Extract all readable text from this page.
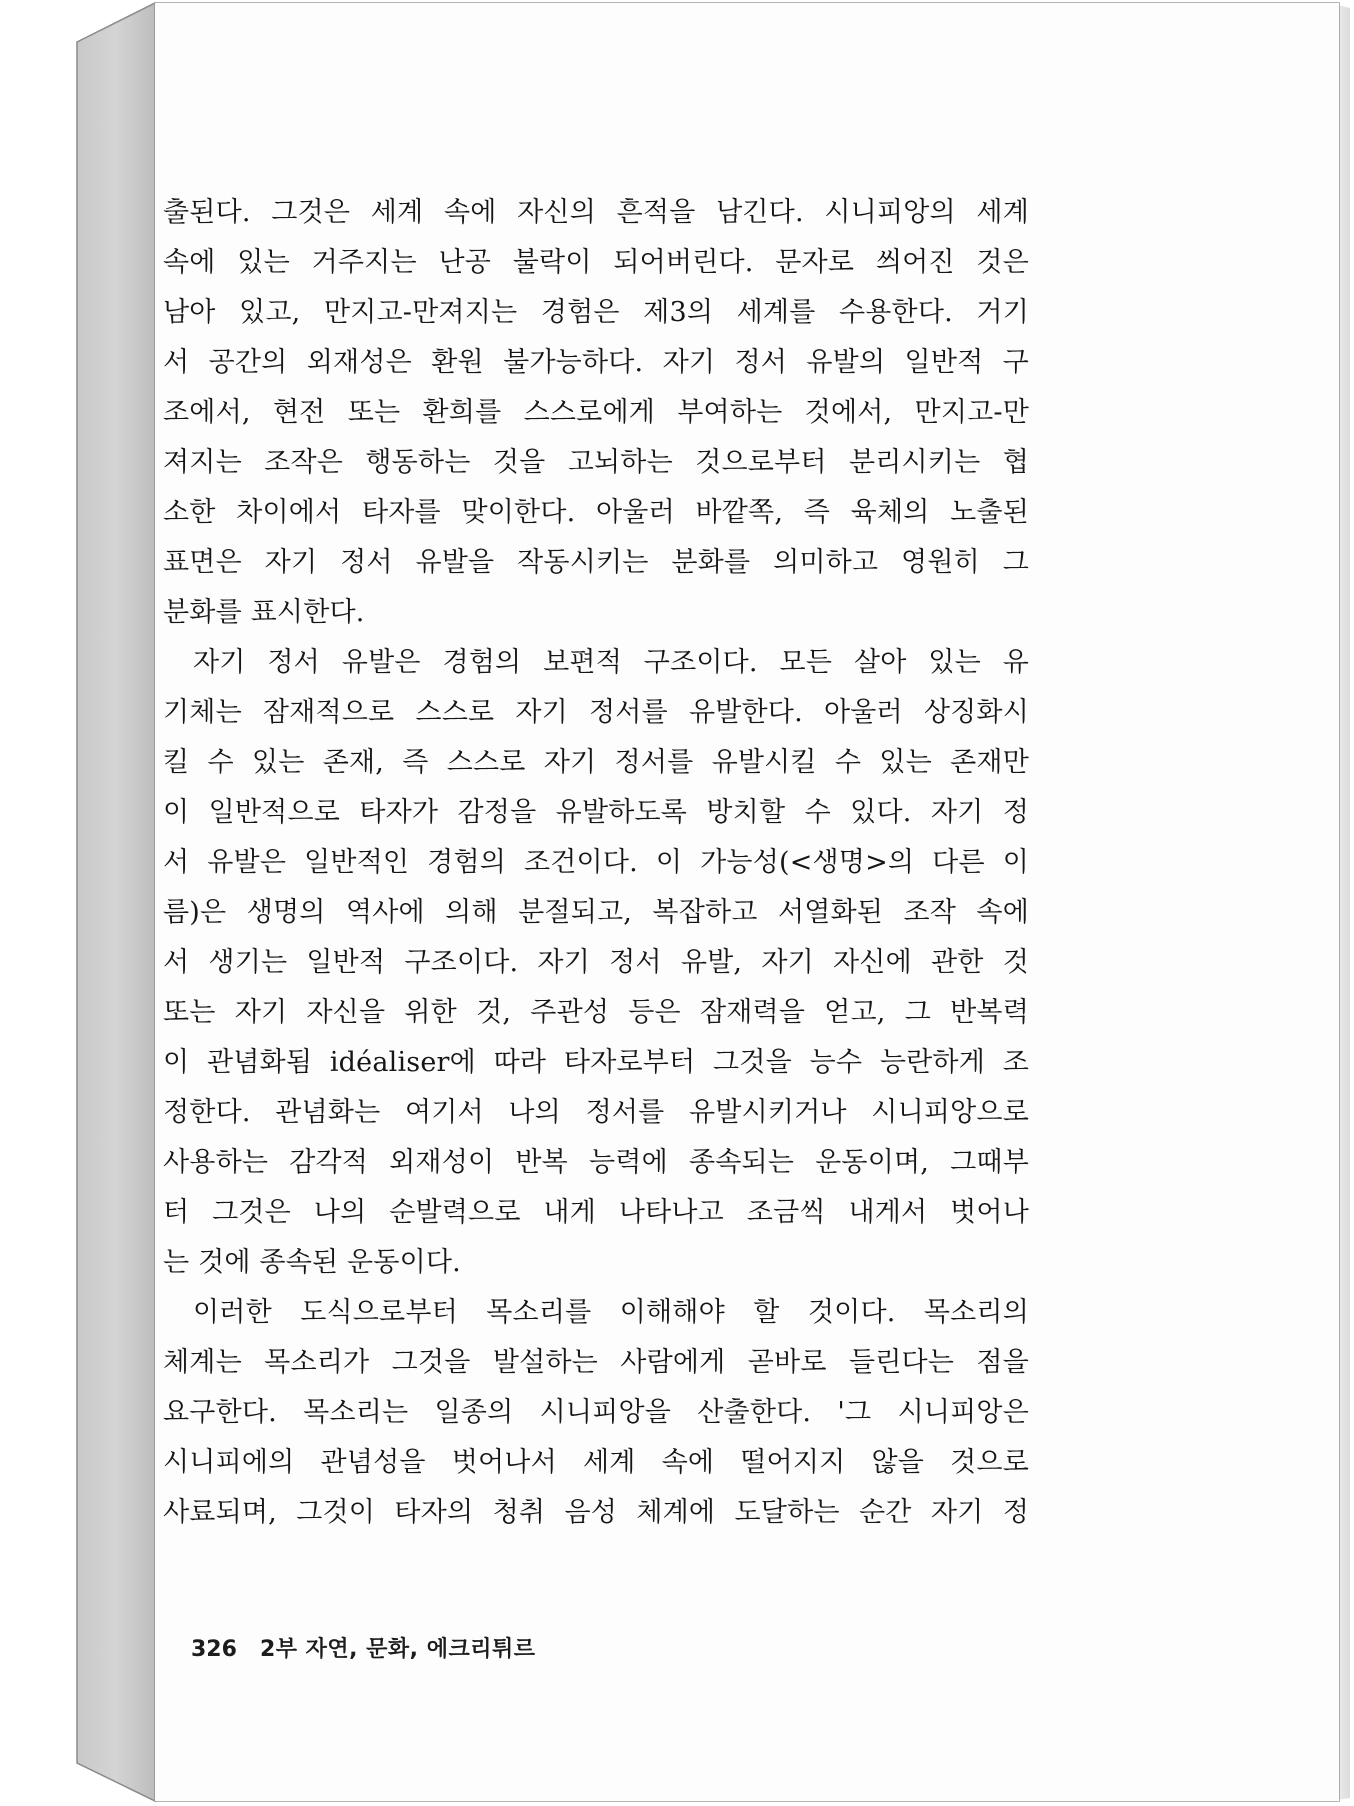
출된다. 그것은 세계 속에 자신의 흔적을 남긴다. 시니피앙의 세계
속에 있는 거주지는 난공 불락이 되어버린다. 문자로 씌어진 것은
남아 있고, 만지고-만져지는 경험은 제3의 세계를 수용한다. 거기
서 공간의 외재성은 환원 불가능하다. 자기 정서 유발의 일반적 구
조에서, 현전 또는 환희를 스스로에게 부여하는 것에서, 만지고-만
져지는 조작은 행동하는 것을 고뇌하는 것으로부터 분리시키는 협
소한 차이에서 타자를 맞이한다. 아울러 바깥쪽, 즉 육체의 노출된
표면은 자기 정서 유발을 작동시키는 분화를 의미하고 영원히 그
분화를 표시한다.
자기 정서 유발은 경험의 보편적 구조이다. 모든 살아 있는 유
기체는 잠재적으로 스스로 자기 정서를 유발한다. 아울러 상징화시
킬 수 있는 존재, 즉 스스로 자기 정서를 유발시킬 수 있는 존재만
이 일반적으로 타자가 감정을 유발하도록 방치할 수 있다. 자기 정
서 유발은 일반적인 경험의 조건이다. 이 가능성(<생명>의 다른 이
름)은 생명의 역사에 의해 분절되고, 복잡하고 서열화된 조작 속에
서 생기는 일반적 구조이다. 자기 정서 유발, 자기 자신에 관한 것
또는 자기 자신을 위한 것, 주관성 등은 잠재력을 얻고, 그 반복력
이 관념화됨 idéaliser에 따라 타자로부터 그것을 능수 능란하게 조
정한다. 관념화는 여기서 나의 정서를 유발시키거나 시니피앙으로
사용하는 감각적 외재성이 반복 능력에 종속되는 운동이며, 그때부
터 그것은 나의 순발력으로 내게 나타나고 조금씩 내게서 벗어나
는 것에 종속된 운동이다.
이러한 도식으로부터 목소리를 이해해야 할 것이다. 목소리의
체계는 목소리가 그것을 발설하는 사람에게 곧바로 들린다는 점을
요구한다. 목소리는 일종의 시니피앙을 산출한다. '그 시니피앙은
시니피에의 관념성을 벗어나서 세계 속에 떨어지지 않을 것으로
사료되며, 그것이 타자의 청취 음성 체계에 도달하는 순간 자기 정
326 2부 자연, 문화, 에크리튀르
